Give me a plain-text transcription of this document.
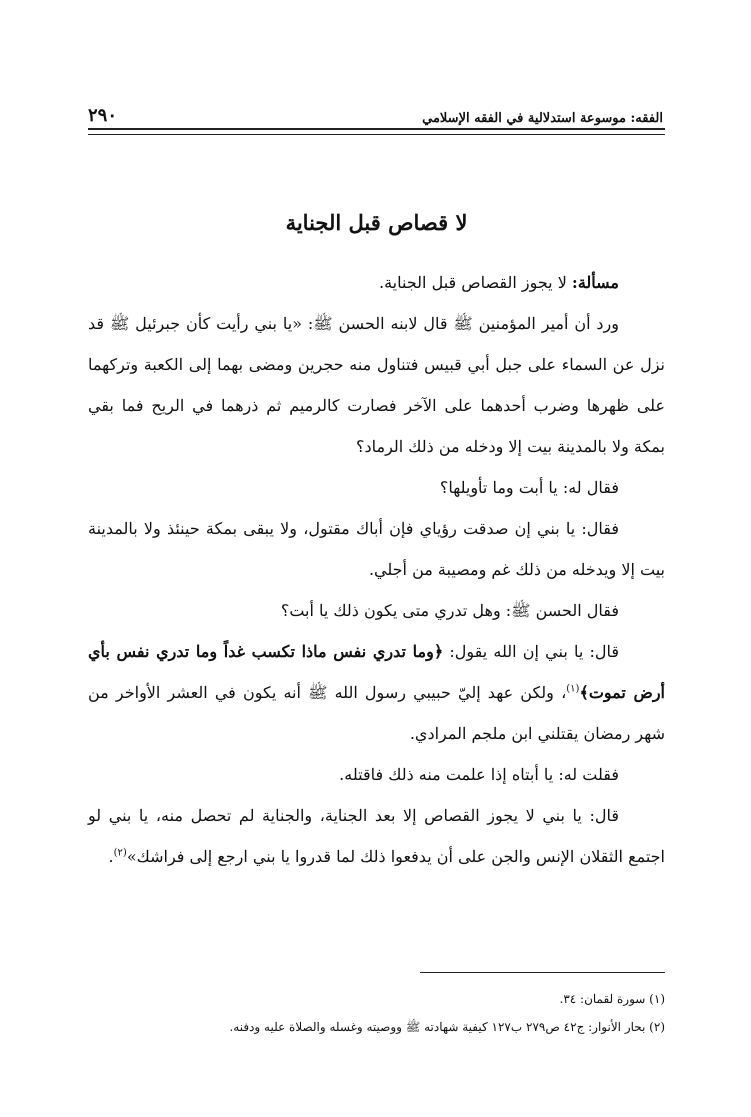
٢٩٠	الفقه: موسوعة استدلالية في الفقه الإسلامي
لا قصاص قبل الجناية

مسألة: لا يجوز القصاص قبل الجناية.

ورد أن أمير المؤمنين ﷺ قال لابنه الحسن ﷺ: «يا بني رأيت كأن جبرئيل ﷺ قد نزل عن السماء على جبل أبي قبيس فتناول منه حجرين ومضى بهما إلى الكعبة وتركهما على ظهرها وضرب أحدهما على الآخر فصارت كالرميم ثم ذرهما في الريح فما بقي بمكة ولا بالمدينة بيت إلا ودخله من ذلك الرماد؟

فقال له: يا أبت وما تأويلها؟

فقال: يا بني إن صدقت رؤياي فإن أباك مقتول، ولا يبقى بمكة حينئذ ولا بالمدينة بيت إلا ويدخله من ذلك غم ومصيبة من أجلي.

فقال الحسن ﷺ: وهل تدري متى يكون ذلك يا أبت؟

قال: يا بني إن الله يقول: ﴿وما تدري نفس ماذا تكسب غداً وما تدري نفس بأي أرض تموت﴾$^{(١)}$، ولكن عهد إليّ حبيبي رسول الله ﷺ أنه يكون في العشر الأواخر من شهر رمضان يقتلني ابن ملجم المرادي.

فقلت له: يا أبتاه إذا علمت منه ذلك فاقتله.

قال: يا بني لا يجوز القصاص إلا بعد الجناية، والجناية لم تحصل منه، يا بني لو اجتمع الثقلان الإنس والجن على أن يدفعوا ذلك لما قدروا يا بني ارجع إلى فراشك»$^{(٢)}$.

(١) سورة لقمان: ٣٤.

(٢) بحار الأنوار: ج٤٢ ص٢٧٩ ب١٢٧ كيفية شهادته ﷺ ووصيته وغسله والصلاة عليه ودفنه.
